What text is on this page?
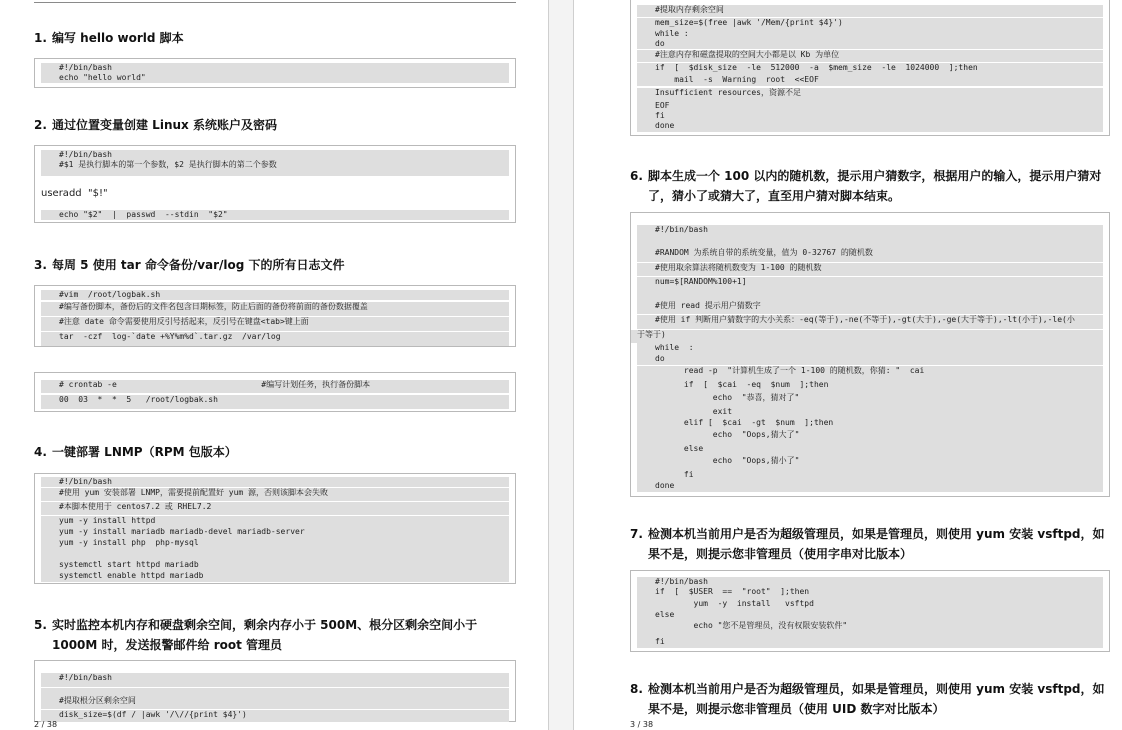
1. 编写 hello world 脚本
#!/bin/bash
echo "hello world"
2. 通过位置变量创建 Linux 系统账户及密码
#!/bin/bash
#$1 是执行脚本的第一个参数，$2 是执行脚本的第二个参数
useradd  "$!"
echo "$2"  |  passwd  --stdin  "$2"
3. 每周 5 使用 tar 命令备份/var/log 下的所有日志文件
#vim  /root/logbak.sh
#编写备份脚本，备份后的文件名包含日期标签，防止后面的备份将前面的备份数据覆盖
#注意 date 命令需要使用反引号括起来，反引号在键盘<tab>键上面
tar  -czf  log-`date +%Y%m%d`.tar.gz  /var/log
# crontab -e                              #编写计划任务，执行备份脚本
00  03  *  *  5   /root/logbak.sh
4. 一键部署 LNMP（RPM 包版本）
#!/bin/bash
#使用 yum 安装部署 LNMP，需要提前配置好 yum 源，否则该脚本会失败
#本脚本使用于 centos7.2 或 RHEL7.2
yum -y install httpd
yum -y install mariadb mariadb-devel mariadb-server
yum -y install php  php-mysql
systemctl start httpd mariadb
systemctl enable httpd mariadb
5. 实时监控本机内存和硬盘剩余空间，剩余内存小于 500M、根分区剩余空间小于 1000M 时，发送报警邮件给 root 管理员
#!/bin/bash
#提取根分区剩余空间
disk_size=$(df / |awk '/\//{print $4}')
2 / 38
#提取内存剩余空间
mem_size=$(free |awk '/Mem/{print $4}')
while :
do
#注意内存和磁盘提取的空间大小都是以 Kb 为单位
if  [  $disk_size  -le  512000  -a  $mem_size  -le  1024000  ];then
mail  -s  Warning  root  <<EOF
Insufficient resources，资源不足
EOF
fi
done
6. 脚本生成一个 100 以内的随机数，提示用户猜数字，根据用户的输入，提示用户猜对了，猜小了或猜大了，直至用户猜对脚本结束。
#!/bin/bash
#RANDOM 为系统自带的系统变量，值为 0-32767 的随机数
#使用取余算法将随机数变为 1-100 的随机数
num=$[RANDOM%100+1]
#使用 read 提示用户猜数字
#使用 if 判断用户猜数字的大小关系：-eq(等于),-ne(不等于),-gt(大于),-ge(大于等于),-lt(小于),-le(小
于等于)
while  :
do
read -p  "计算机生成了一个 1-100 的随机数，你猜: "  cai
if  [  $cai  -eq  $num  ];then
echo  "恭喜，猜对了"
exit
elif [  $cai  -gt  $num  ];then
echo  "Oops,猜大了"
else
echo  "Oops,猜小了"
fi
done
7. 检测本机当前用户是否为超级管理员，如果是管理员，则使用 yum 安装 vsftpd，如果不是，则提示您非管理员（使用字串对比版本）
#!/bin/bash
if  [  $USER  ==  "root"  ];then
yum  -y  install   vsftpd
else
echo "您不是管理员，没有权限安装软件"
fi
8. 检测本机当前用户是否为超级管理员，如果是管理员，则使用 yum 安装 vsftpd，如果不是，则提示您非管理员（使用 UID 数字对比版本）
3 / 38
